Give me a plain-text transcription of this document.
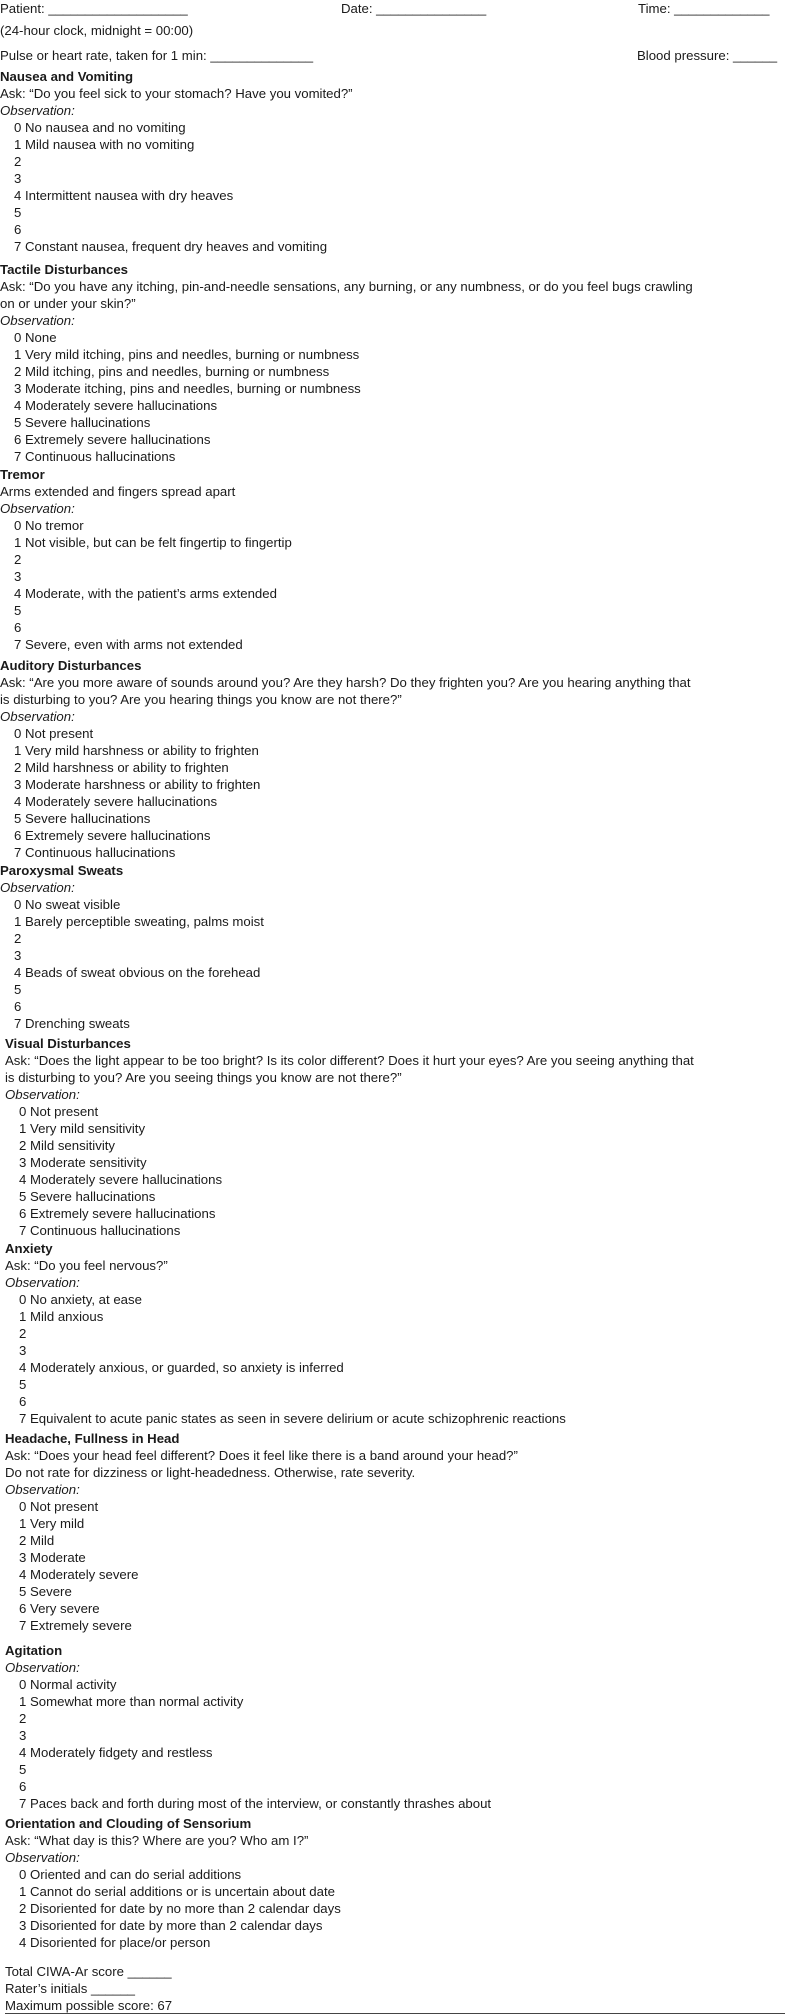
Patient: ___________________	Date: _______________	Time: _____________
(24-hour clock, midnight = 00:00)
Pulse or heart rate, taken for 1 min: ______________	Blood pressure: ______
Nausea and Vomiting
Ask: “Do you feel sick to your stomach? Have you vomited?”
Observation:
0 No nausea and no vomiting
1 Mild nausea with no vomiting
2
3
4 Intermittent nausea with dry heaves
5
6
7 Constant nausea, frequent dry heaves and vomiting
Tactile Disturbances
Ask: “Do you have any itching, pin-and-needle sensations, any burning, or any numbness, or do you feel bugs crawling
on or under your skin?”
Observation:
0 None
1 Very mild itching, pins and needles, burning or numbness
2 Mild itching, pins and needles, burning or numbness
3 Moderate itching, pins and needles, burning or numbness
4 Moderately severe hallucinations
5 Severe hallucinations
6 Extremely severe hallucinations
7 Continuous hallucinations
Tremor
Arms extended and fingers spread apart
Observation:
0 No tremor
1 Not visible, but can be felt fingertip to fingertip
2
3
4 Moderate, with the patient’s arms extended
5
6
7 Severe, even with arms not extended
Auditory Disturbances
Ask: “Are you more aware of sounds around you? Are they harsh? Do they frighten you? Are you hearing anything that
is disturbing to you? Are you hearing things you know are not there?”
Observation:
0 Not present
1 Very mild harshness or ability to frighten
2 Mild harshness or ability to frighten
3 Moderate harshness or ability to frighten
4 Moderately severe hallucinations
5 Severe hallucinations
6 Extremely severe hallucinations
7 Continuous hallucinations
Paroxysmal Sweats
Observation:
0 No sweat visible
1 Barely perceptible sweating, palms moist
2
3
4 Beads of sweat obvious on the forehead
5
6
7 Drenching sweats
Visual Disturbances
Ask: “Does the light appear to be too bright? Is its color different? Does it hurt your eyes? Are you seeing anything that
is disturbing to you? Are you seeing things you know are not there?”
Observation:
0 Not present
1 Very mild sensitivity
2 Mild sensitivity
3 Moderate sensitivity
4 Moderately severe hallucinations
5 Severe hallucinations
6 Extremely severe hallucinations
7 Continuous hallucinations
Anxiety
Ask: “Do you feel nervous?”
Observation:
0 No anxiety, at ease
1 Mild anxious
2
3
4 Moderately anxious, or guarded, so anxiety is inferred
5
6
7 Equivalent to acute panic states as seen in severe delirium or acute schizophrenic reactions
Headache, Fullness in Head
Ask: “Does your head feel different? Does it feel like there is a band around your head?”
Do not rate for dizziness or light-headedness. Otherwise, rate severity.
Observation:
0 Not present
1 Very mild
2 Mild
3 Moderate
4 Moderately severe
5 Severe
6 Very severe
7 Extremely severe
Agitation
Observation:
0 Normal activity
1 Somewhat more than normal activity
2
3
4 Moderately fidgety and restless
5
6
7 Paces back and forth during most of the interview, or constantly thrashes about
Orientation and Clouding of Sensorium
Ask: “What day is this? Where are you? Who am I?”
Observation:
0 Oriented and can do serial additions
1 Cannot do serial additions or is uncertain about date
2 Disoriented for date by no more than 2 calendar days
3 Disoriented for date by more than 2 calendar days
4 Disoriented for place/or person
Total CIWA-Ar score ______
Rater’s initials ______
Maximum possible score: 67
